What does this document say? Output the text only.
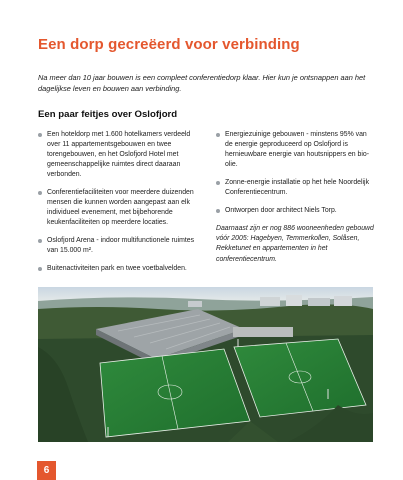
Een dorp gecreëerd voor verbinding
Na meer dan 10 jaar bouwen is een compleet conferentiedorp klaar. Hier kun je ontsnappen aan het dagelijkse leven en bouwen aan verbinding.
Een paar feitjes over Oslofjord
Een hoteldorp met 1.600 hotelkamers verdeeld over 11 appartementsgebouwen en twee torengebouwen, en het Oslofjord Hotel met gemeenschappelijke ruimtes direct daaraan verbonden.
Conferentiefaciliteiten voor meerdere duizenden mensen die kunnen worden aangepast aan elk individueel evenement, met bijbehorende keukenfaciliteiten op meerdere locaties.
Oslofjord Arena - indoor multifunctionele ruimtes van 15.000 m².
Buitenactiviteiten park en twee voetbalvelden.
Energiezuinige gebouwen - minstens 95% van de energie geproduceerd op Oslofjord is hernieuwbare energie van houtsnippers en bio-olie.
Zonne-energie installatie op het hele Noordelijk Conferentiecentrum.
Ontworpen door architect Niels Torp.
Daarnaast zijn er nog 886 wooneenheden gebouwd vóór 2005: Hagebyen, Temmerkollen, Solåsen, Rekketunet en appartementen in het conferentiecentrum.
6
